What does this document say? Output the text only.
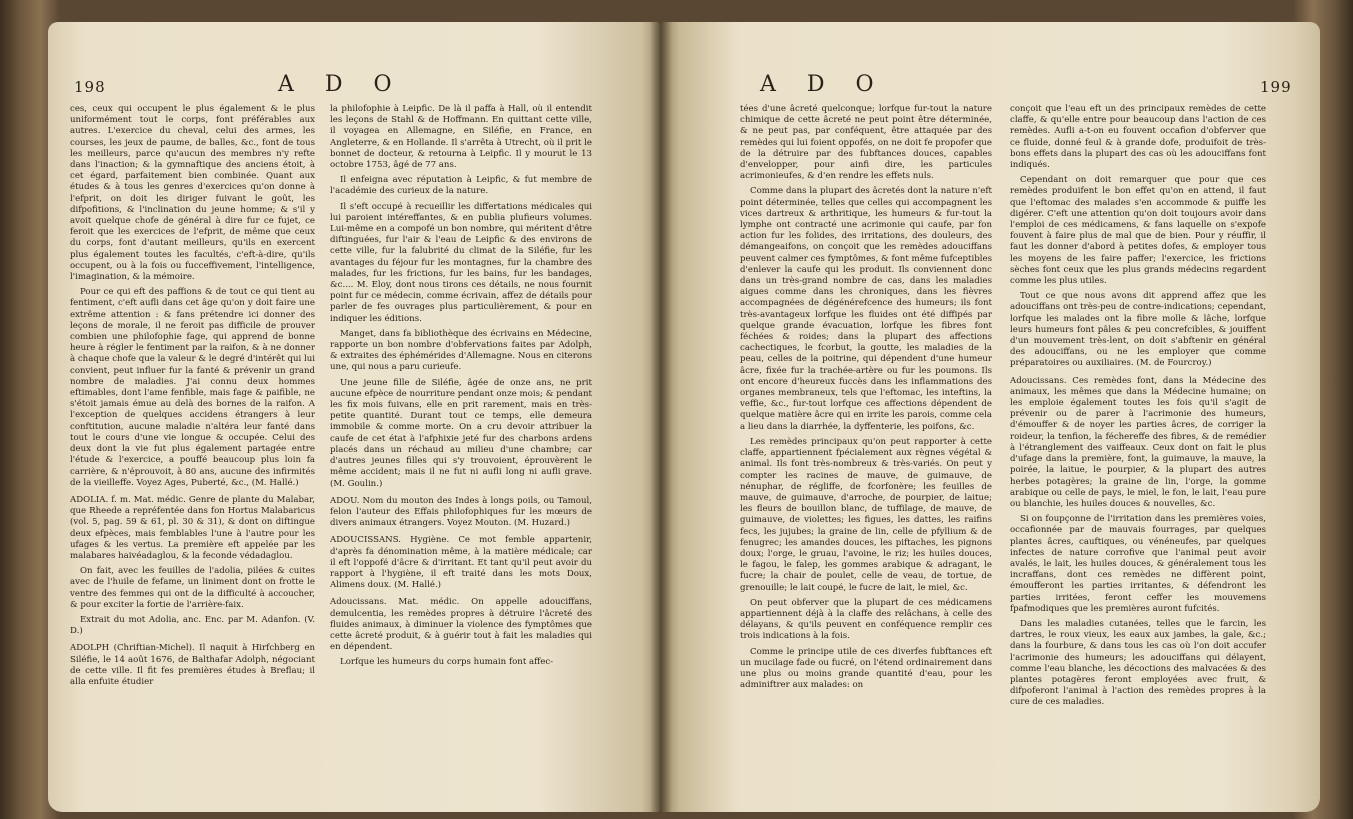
198	A D O

ces, ceux qui occupent le plus également & le plus uniformément tout le corps, font préférables aux autres. L'exercice du cheval, celui des armes, les courses, les jeux de paume, de balles, &c., font de tous les meilleurs, parce qu'aucun des membres n'y refte dans l'inaction; & la gymnaftique des anciens étoit, à cet égard, parfaitement bien combinée. Quant aux études & à tous les genres d'exercices qu'on donne à l'efprit, on doit les diriger fuivant le goût, les difpofitions, & l'inclination du jeune homme; & s'il y avoit quelque chofe de général à dire fur ce fujet, ce feroit que les exercices de l'efprit, de même que ceux du corps, font d'autant meilleurs, qu'ils en exercent plus également toutes les facultés, c'eft-à-dire, qu'ils occupent, ou à la fois ou fucceffivement, l'intelligence, l'imagination, & la mémoire.

Pour ce qui eft des paffions & de tout ce qui tient au fentiment, c'eft aufli dans cet âge qu'on y doit faire une extrême attention : & fans prétendre ici donner des leçons de morale, il ne feroit pas difficile de prouver combien une philofophie fage, qui apprend de bonne heure à régler le fentiment par la raifon, & à ne donner à chaque chofe que la valeur & le degré d'intérêt qui lui convient, peut influer fur la fanté & prévenir un grand nombre de maladies. J'ai connu deux hommes eftimables, dont l'ame fenfible, mais fage & paifible, ne s'étoit jamais émue au delà des bornes de la raifon. A l'exception de quelques accidens étrangers à leur conftitution, aucune maladie n'altéra leur fanté dans tout le cours d'une vie longue & occupée. Celui des deux dont la vie fut plus également partagée entre l'étude & l'exercice, a pouffé beaucoup plus loin fa carrière, & n'éprouvoit, à 80 ans, aucune des infirmités de la vieilleffe. Voyez Ages, Puberté, &c., (M. Hallé.)

ADOLIA. f. m. Mat. médic. Genre de plante du Malabar, que Rheede a repréfentée dans fon Hortus Malabaricus (vol. 5, pag. 59 & 61, pl. 30 & 31), & dont on diftingue deux efpèces, mais femblables l'une à l'autre pour les ufages & les vertus. La première eft appelée par les malabares haivéadaglou, & la feconde védadaglou.

On fait, avec les feuilles de l'adolia, pilées & cuites avec de l'huile de fefame, un liniment dont on frotte le ventre des femmes qui ont de la difficulté à accoucher, & pour exciter la fortie de l'arrière-faix.

Extrait du mot Adolia, anc. Enc. par M. Adanfon. (V. D.)

ADOLPH (Chriftian-Michel). Il naquit à Hirfchberg en Siléfie, le 14 août 1676, de Balthafar Adolph, négociant de cette ville. Il fit fes premières études à Breflau; il alla enfuite étudier

la philofophie à Leipfic. De là il paffa à Hall, où il entendit les leçons de Stahl & de Hoffmann. En quittant cette ville, il voyagea en Allemagne, en Siléfie, en France, en Angleterre, & en Hollande. Il s'arrêta à Utrecht, où il prit le bonnet de docteur, & retourna à Leipfic. Il y mourut le 13 octobre 1753, âgé de 77 ans.

Il enfeigna avec réputation à Leipfic, & fut membre de l'académie des curieux de la nature.

Il s'eft occupé à recueillir les differtations médicales qui lui paroient intéreffantes, & en publia plufieurs volumes. Lui-même en a compofé un bon nombre, qui méritent d'être diftinguées, fur l'air & l'eau de Leipfic & des environs de cette ville, fur la falubrité du climat de la Siléfie, fur les avantages du féjour fur les montagnes, fur la chambre des malades, fur les frictions, fur les bains, fur les bandages, &c.... M. Eloy, dont nous tirons ces détails, ne nous fournit point fur ce médecin, comme écrivain, affez de détails pour parler de fes ouvrages plus particulièrement, & pour en indiquer les éditions.

Manget, dans fa bibliothèque des écrivains en Médecine, rapporte un bon nombre d'obfervations faites par Adolph, & extraites des éphémérides d'Allemagne. Nous en citerons une, qui nous a paru curieufe.

Une jeune fille de Siléfie, âgée de onze ans, ne prit aucune efpèce de nourriture pendant onze mois; & pendant les fix mois fuivans, elle en prit rarement, mais en très-petite quantité. Durant tout ce temps, elle demeura immobile & comme morte. On a cru devoir attribuer la caufe de cet état à l'afphixie jeté fur des charbons ardens placés dans un réchaud au milieu d'une chambre; car d'autres jeunes filles qui s'y trouvoient, éprouvèrent le même accident; mais il ne fut ni aufli long ni aufli grave. (M. Goulin.)

ADOU. Nom du mouton des Indes à longs poils, ou Tamoul, felon l'auteur des Effais philofophiques fur les mœurs de divers animaux étrangers. Voyez Mouton. (M. Huzard.)

ADOUCISSANS. Hygiène. Ce mot femble appartenir, d'après fa dénomination même, à la matière médicale; car il eft l'oppofé d'âcre & d'irritant. Et tant qu'il peut avoir du rapport à l'hygiène, il eft traité dans les mots Doux, Alimens doux. (M. Hallé.)

Adoucissans. Mat. médic. On appelle adouciffans, demulcentia, les remèdes propres à détruire l'âcreté des fluides animaux, à diminuer la violence des fymptômes que cette âcreté produit, & à guérir tout à fait les maladies qui en dépendent.

Lorfque les humeurs du corps humain font affec-

A D O	199

tées d'une âcreté quelconque; lorfque fur-tout la nature chimique de cette âcreté ne peut point être déterminée, & ne peut pas, par conféquent, être attaquée par des remèdes qui lui foient oppofés, on ne doit fe propofer que de la détruire par des fubftances douces, capables d'envelopper, pour ainfi dire, les particules acrimonieufes, & d'en rendre les effets nuls.

Comme dans la plupart des âcretés dont la nature n'eft point déterminée, telles que celles qui accompagnent les vices dartreux & arthritique, les humeurs & fur-tout la lymphe ont contracté une acrimonie qui caufe, par fon action fur les folides, des irritations, des douleurs, des démangeaifons, on conçoit que les remèdes adouciffans peuvent calmer ces fymptômes, & font même fufceptibles d'enlever la caufe qui les produit. Ils conviennent donc dans un très-grand nombre de cas, dans les maladies aigues comme dans les chroniques, dans les fièvres accompagnées de dégénérefcence des humeurs; ils font très-avantageux lorfque les fluides ont été diffipés par quelque grande évacuation, lorfque les fibres font féchées & roides; dans la plupart des affections cachectiques, le fcorbut, la goutte, les maladies de la peau, celles de la poitrine, qui dépendent d'une humeur âcre, fixée fur la trachée-artère ou fur les poumons. Ils ont encore d'heureux fuccès dans les inflammations des organes membraneux, tels que l'eftomac, les inteftins, la veffie, &c., fur-tout lorfque ces affections dépendent de quelque matière âcre qui en irrite les parois, comme cela a lieu dans la diarrhée, la dyffenterie, les poifons, &c.

Les remèdes principaux qu'on peut rapporter à cette claffe, appartiennent fpécialement aux règnes végétal & animal. Ils font très-nombreux & très-variés. On peut y compter les racines de mauve, de guimauve, de nénuphar, de régliffe, de fcorfonère; les feuilles de mauve, de guimauve, d'arroche, de pourpier, de laitue; les fleurs de bouillon blanc, de tuffilage, de mauve, de guimauve, de violettes; les figues, les dattes, les raifins fecs, les jujubes; la graine de lin, celle de pfyllium & de fenugrec; les amandes douces, les piftaches, les pignons doux; l'orge, le gruau, l'avoine, le riz; les huiles douces, le fagou, le falep, les gommes arabique & adragant, le fucre; la chair de poulet, celle de veau, de tortue, de grenouille; le lait coupé, le fucre de lait, le miel, &c.

On peut obferver que la plupart de ces médicamens appartiennent déjà à la claffe des relâchans, à celle des délayans, & qu'ils peuvent en conféquence remplir ces trois indications à la fois.

Comme le principe utile de ces diverfes fubftances eft un mucilage fade ou fucré, on l'étend ordinairement dans une plus ou moins grande quantité d'eau, pour les adminiftrer aux malades: on

conçoit que l'eau eft un des principaux remèdes de cette claffe, & qu'elle entre pour beaucoup dans l'action de ces remèdes. Aufli a-t-on eu fouvent occafion d'obferver que ce fluide, donné feul & à grande dofe, produifoit de très-bons effets dans la plupart des cas où les adouciffans font indiqués.

Cependant on doit remarquer que pour que ces remèdes produifent le bon effet qu'on en attend, il faut que l'eftomac des malades s'en accommode & puiffe les digérer. C'eft une attention qu'on doit toujours avoir dans l'emploi de ces médicamens, & fans laquelle on s'expofe fouvent à faire plus de mal que de bien. Pour y réuffir, il faut les donner d'abord à petites dofes, & employer tous les moyens de les faire paffer; l'exercice, les frictions sèches font ceux que les plus grands médecins regardent comme les plus utiles.

Tout ce que nous avons dit apprend affez que les adouciffans ont très-peu de contre-indications; cependant, lorfque les malades ont la fibre molle & lâche, lorfque leurs humeurs font pâles & peu concrefcibles, & jouiffent d'un mouvement très-lent, on doit s'abftenir en général des adouciffans, ou ne les employer que comme préparatoires ou auxiliaires. (M. de Fourcroy.)

Adoucissans. Ces remèdes font, dans la Médecine des animaux, les mêmes que dans la Médecine humaine; on les emploie également toutes les fois qu'il s'agit de prévenir ou de parer à l'acrimonie des humeurs, d'émouffer & de noyer les parties âcres, de corriger la roideur, la tenfion, la féchereffe des fibres, & de remédier à l'étranglement des vaiffeaux. Ceux dont on fait le plus d'ufage dans la première, font, la guimauve, la mauve, la poirée, la laitue, le pourpier, & la plupart des autres herbes potagères; la graine de lin, l'orge, la gomme arabique ou celle de pays, le miel, le fon, le lait, l'eau pure ou blanchie, les huiles douces & nouvelles, &c.

Si on foupçonne de l'irritation dans les premières voies, occafionnée par de mauvais fourrages, par quelques plantes âcres, cauftiques, ou vénéneufes, par quelques infectes de nature corrofive que l'animal peut avoir avalés, le lait, les huiles douces, & généralement tous les incraffans, dont ces remèdes ne diffèrent point, émoufferont les parties irritantes, & défendront les parties irritées, feront ceffer les mouvemens fpafmodiques que les premières auront fufcités.

Dans les maladies cutanées, telles que le farcin, les dartres, le roux vieux, les eaux aux jambes, la gale, &c.; dans la fourbure, & dans tous les cas où l'on doit accufer l'acrimonie des humeurs; les adouciffans qui délayent, comme l'eau blanche, les décoctions des malvacées & des plantes potagères feront employées avec fruit, & difpoferont l'animal à l'action des remèdes propres à la cure de ces maladies.
